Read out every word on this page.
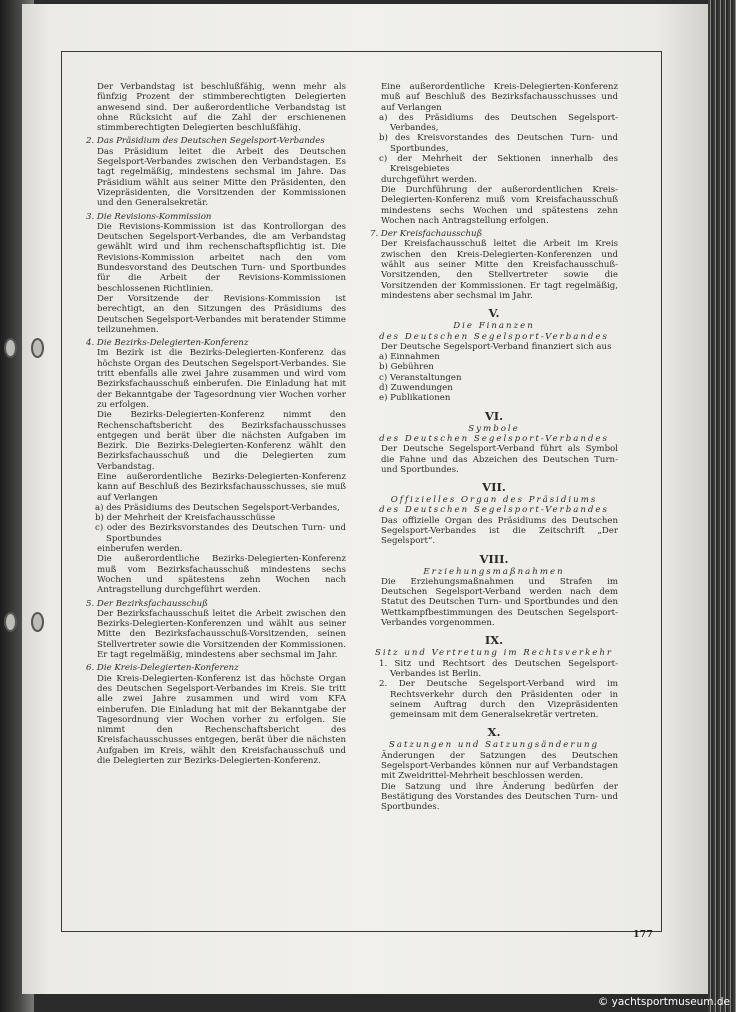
Der Verbandstag ist beschlußfähig, wenn mehr als fünfzig Prozent der stimmberechtigten Delegierten anwesend sind. Der außerordentliche Verbandstag ist ohne Rücksicht auf die Zahl der erschienenen stimmberechtigten Delegierten beschlußfähig.

2. Das Präsidium des Deutschen Segelsport-Verbandes

Das Präsidium leitet die Arbeit des Deutschen Segelsport-Verbandes zwischen den Verbandstagen. Es tagt regelmäßig, mindestens sechsmal im Jahre. Das Präsidium wählt aus seiner Mitte den Präsidenten, den Vizepräsidenten, die Vorsitzenden der Kommissionen und den Generalsekretär.

3. Die Revisions-Kommission

Die Revisions-Kommission ist das Kontrollorgan des Deutschen Segelsport-Verbandes, die am Verbandstag gewählt wird und ihm rechenschaftspflichtig ist. Die Revisions-Kommission arbeitet nach den vom Bundesvorstand des Deutschen Turn- und Sportbundes für die Arbeit der Revisions-Kommissionen beschlossenen Richtlinien.

Der Vorsitzende der Revisions-Kommission ist berechtigt, an den Sitzungen des Präsidiums des Deutschen Segelsport-Verbandes mit beratender Stimme teilzunehmen.

4. Die Bezirks-Delegierten-Konferenz

Im Bezirk ist die Bezirks-Delegierten-Konferenz das höchste Organ des Deutschen Segelsport-Verbandes. Sie tritt ebenfalls alle zwei Jahre zusammen und wird vom Bezirksfachausschuß einberufen. Die Einladung hat mit der Bekanntgabe der Tagesordnung vier Wochen vorher zu erfolgen.

Die Bezirks-Delegierten-Konferenz nimmt den Rechenschaftsbericht des Bezirksfachausschusses entgegen und berät über die nächsten Aufgaben im Bezirk. Die Bezirks-Delegierten-Konferenz wählt den Bezirksfachausschuß und die Delegierten zum Verbandstag.

Eine außerordentliche Bezirks-Delegierten-Konferenz kann auf Beschluß des Bezirksfachausschusses, sie muß auf Verlangen

a) des Präsidiums des Deutschen Segelsport-Verbandes,

b) der Mehrheit der Kreisfachausschüsse

c) oder des Bezirksvorstandes des Deutschen Turn- und Sportbundes

einberufen werden.

Die außerordentliche Bezirks-Delegierten-Konferenz muß vom Bezirksfachausschuß mindestens sechs Wochen und spätestens zehn Wochen nach Antragstellung durchgeführt werden.

5. Der Bezirksfachausschuß

Der Bezirksfachausschuß leitet die Arbeit zwischen den Bezirks-Delegierten-Konferenzen und wählt aus seiner Mitte den Bezirksfachausschuß-Vorsitzenden, seinen Stellvertreter sowie die Vorsitzenden der Kommissionen. Er tagt regelmäßig, mindestens aber sechsmal im Jahr.

6. Die Kreis-Delegierten-Konferenz

Die Kreis-Delegierten-Konferenz ist das höchste Organ des Deutschen Segelsport-Verbandes im Kreis. Sie tritt alle zwei Jahre zusammen und wird vom KFA einberufen. Die Einladung hat mit der Bekanntgabe der Tagesordnung vier Wochen vorher zu erfolgen. Sie nimmt den Rechenschaftsbericht des Kreisfachausschusses entgegen, berät über die nächsten Aufgaben im Kreis, wählt den Kreisfachausschuß und die Delegierten zur Bezirks-Delegierten-Konferenz.

Eine außerordentliche Kreis-Delegierten-Konferenz muß auf Beschluß des Bezirksfachausschusses und auf Verlangen

a) des Präsidiums des Deutschen Segelsport-Verbandes,

b) des Kreisvorstandes des Deutschen Turn- und Sportbundes,

c) der Mehrheit der Sektionen innerhalb des Kreisgebietes

durchgeführt werden.

Die Durchführung der außerordentlichen Kreis-Delegierten-Konferenz muß vom Kreisfachausschuß mindestens sechs Wochen und spätestens zehn Wochen nach Antragstellung erfolgen.

7. Der Kreisfachausschuß

Der Kreisfachausschuß leitet die Arbeit im Kreis zwischen den Kreis-Delegierten-Konferenzen und wählt aus seiner Mitte den Kreisfachausschuß-Vorsitzenden, den Stellvertreter sowie die Vorsitzenden der Kommissionen. Er tagt regelmäßig, mindestens aber sechsmal im Jahr.

V.

Die Finanzen

des Deutschen Segelsport-Verbandes

Der Deutsche Segelsport-Verband finanziert sich aus

a) Einnahmen

b) Gebühren

c) Veranstaltungen

d) Zuwendungen

e) Publikationen

VI.

Symbole

des Deutschen Segelsport-Verbandes

Der Deutsche Segelsport-Verband führt als Symbol die Fahne und das Abzeichen des Deutschen Turn- und Sportbundes.

VII.

Offizielles Organ des Präsidiums

des Deutschen Segelsport-Verbandes

Das offizielle Organ des Präsidiums des Deutschen Segelsport-Verbandes ist die Zeitschrift „Der Segelsport“.

VIII.

Erziehungsmaßnahmen

Die Erziehungsmaßnahmen und Strafen im Deutschen Segelsport-Verband werden nach dem Statut des Deutschen Turn- und Sportbundes und den Wettkampfbestimmungen des Deutschen Segelsport-Verbandes vorgenommen.

IX.

Sitz und Vertretung im Rechtsverkehr

1. Sitz und Rechtsort des Deutschen Segelsport-Verbandes ist Berlin.

2. Der Deutsche Segelsport-Verband wird im Rechtsverkehr durch den Präsidenten oder in seinem Auftrag durch den Vizepräsidenten gemeinsam mit dem Generalsekretär vertreten.

X.

Satzungen und Satzungsänderung

Änderungen der Satzungen des Deutschen Segelsport-Verbandes können nur auf Verbandstagen mit Zweidrittel-Mehrheit beschlossen werden.

Die Satzung und ihre Änderung bedürfen der Bestätigung des Vorstandes des Deutschen Turn- und Sportbundes.

177
© yachtsportmuseum.de
